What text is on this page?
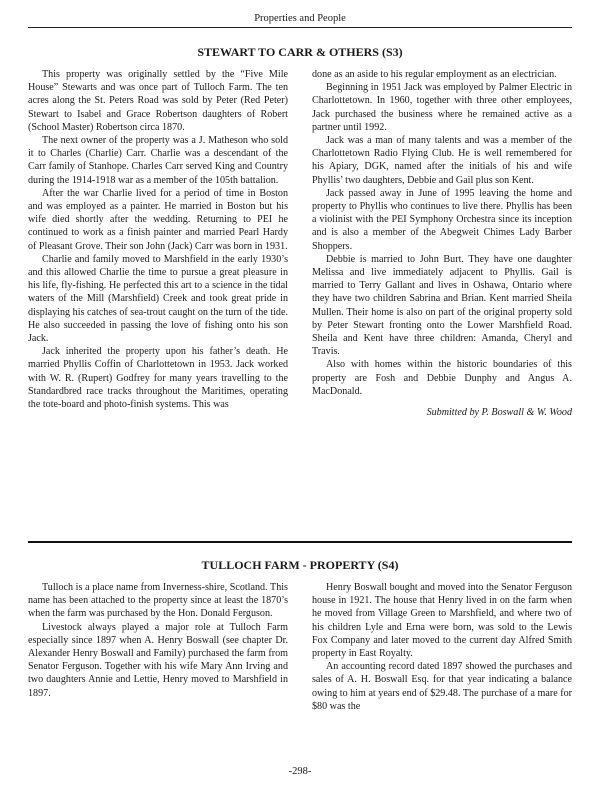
Properties and People
STEWART TO CARR & OTHERS (S3)

This property was originally settled by the “Five Mile House” Stewarts and was once part of Tulloch Farm. The ten acres along the St. Peters Road was sold by Peter (Red Peter) Stewart to Isabel and Grace Robertson daughters of Robert (School Master) Robertson circa 1870.

The next owner of the property was a J. Matheson who sold it to Charles (Charlie) Carr. Charlie was a descendant of the Carr family of Stanhope. Charles Carr served King and Country during the 1914-1918 war as a member of the 105th battalion.

After the war Charlie lived for a period of time in Boston and was employed as a painter. He married in Boston but his wife died shortly after the wedding. Returning to PEI he continued to work as a finish painter and married Pearl Hardy of Pleasant Grove. Their son John (Jack) Carr was born in 1931.

Charlie and family moved to Marshfield in the early 1930’s and this allowed Charlie the time to pursue a great pleasure in his life, fly-fishing. He perfected this art to a science in the tidal waters of the Mill (Marshfield) Creek and took great pride in displaying his catches of sea-trout caught on the turn of the tide. He also succeeded in passing the love of fishing onto his son Jack.

Jack inherited the property upon his father’s death. He married Phyllis Coffin of Charlottetown in 1953. Jack worked with W. R. (Rupert) Godfrey for many years travelling to the Standardbred race tracks throughout the Maritimes, operating the tote-board and photo-finish systems. This was

done as an aside to his regular employment as an electrician.

Beginning in 1951 Jack was employed by Palmer Electric in Charlottetown. In 1960, together with three other employees, Jack purchased the business where he remained active as a partner until 1992.

Jack was a man of many talents and was a member of the Charlottetown Radio Flying Club. He is well remembered for his Apiary, DGK, named after the initials of his and wife Phyllis’ two daughters, Debbie and Gail plus son Kent.

Jack passed away in June of 1995 leaving the home and property to Phyllis who continues to live there. Phyllis has been a violinist with the PEI Symphony Orchestra since its inception and is also a member of the Abegweit Chimes Lady Barber Shoppers.

Debbie is married to John Burt. They have one daughter Melissa and live immediately adjacent to Phyllis. Gail is married to Terry Gallant and lives in Oshawa, Ontario where they have two children Sabrina and Brian. Kent married Sheila Mullen. Their home is also on part of the original property sold by Peter Stewart fronting onto the Lower Marshfield Road. Sheila and Kent have three children: Amanda, Cheryl and Travis.

Also with homes within the historic boundaries of this property are Fosh and Debbie Dunphy and Angus A. MacDonald.

Submitted by P. Boswall & W. Wood

TULLOCH FARM - PROPERTY (S4)

Tulloch is a place name from Inverness-shire, Scotland. This name has been attached to the property since at least the 1870’s when the farm was purchased by the Hon. Donald Ferguson.

Livestock always played a major role at Tulloch Farm especially since 1897 when A. Henry Boswall (see chapter Dr. Alexander Henry Boswall and Family) purchased the farm from Senator Ferguson. Together with his wife Mary Ann Irving and two daughters Annie and Lettie, Henry moved to Marshfield in 1897.

Henry Boswall bought and moved into the Senator Ferguson house in 1921. The house that Henry lived in on the farm when he moved from Village Green to Marshfield, and where two of his children Lyle and Erna were born, was sold to the Lewis Fox Company and later moved to the current day Alfred Smith property in East Royalty.

An accounting record dated 1897 showed the purchases and sales of A. H. Boswall Esq. for that year indicating a balance owing to him at years end of $29.48. The purchase of a mare for $80 was the

-298-
